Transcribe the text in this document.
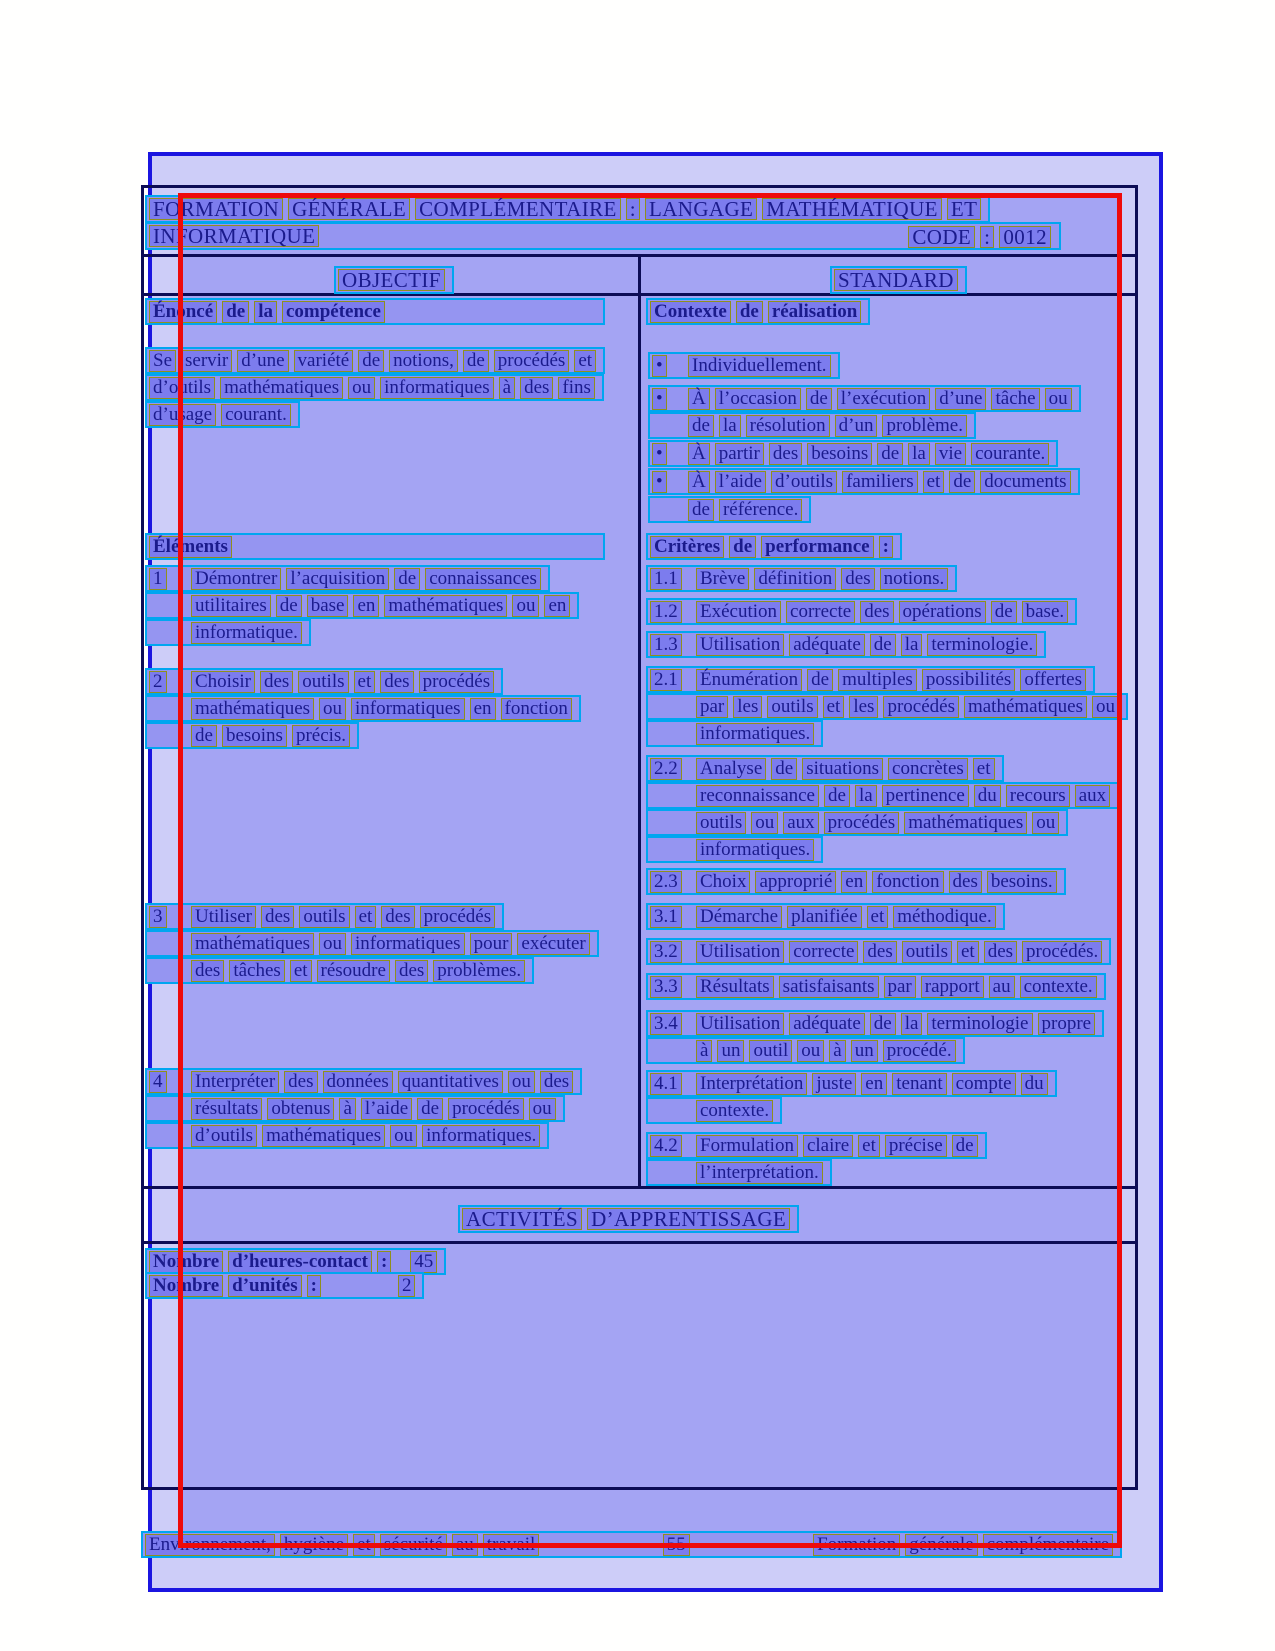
FORMATION GÉNÉRALE COMPLÉMENTAIRE : LANGAGE MATHÉMATIQUE ET
INFORMATIQUE	CODE : 0012
OBJECTIF	STANDARD
Énoncé de la compétence
Se servir d’une variété de notions, de procédés et
d’outils mathématiques ou informatiques à des fins
d’usage courant.
Contexte de réalisation
• Individuellement.
• À l’occasion de l’exécution d’une tâche ou
de la résolution d’un problème.
• À partir des besoins de la vie courante.
• À l’aide d’outils familiers et de documents
de référence.
Éléments
1 Démontrer l’acquisition de connaissances
utilitaires de base en mathématiques ou en
informatique.
2 Choisir des outils et des procédés
mathématiques ou informatiques en fonction
de besoins précis.
3 Utiliser des outils et des procédés
mathématiques ou informatiques pour exécuter
des tâches et résoudre des problèmes.
4 Interpréter des données quantitatives ou des
résultats obtenus à l’aide de procédés ou
d’outils mathématiques ou informatiques.
Critères de performance :
1.1 Brève définition des notions.
1.2 Exécution correcte des opérations de base.
1.3 Utilisation adéquate de la terminologie.
2.1 Énumération de multiples possibilités offertes
par les outils et les procédés mathématiques ou
informatiques.
2.2 Analyse de situations concrètes et
reconnaissance de la pertinence du recours aux
outils ou aux procédés mathématiques ou
informatiques.
2.3 Choix approprié en fonction des besoins.
3.1 Démarche planifiée et méthodique.
3.2 Utilisation correcte des outils et des procédés.
3.3 Résultats satisfaisants par rapport au contexte.
3.4 Utilisation adéquate de la terminologie propre
à un outil ou à un procédé.
4.1 Interprétation juste en tenant compte du
contexte.
4.2 Formulation claire et précise de
l’interprétation.
ACTIVITÉS D’APPRENTISSAGE
Nombre d’heures-contact : 45
Nombre d’unités :	2
Environnement, hygiène et sécurité au travail	55	Formation générale complémentaire
